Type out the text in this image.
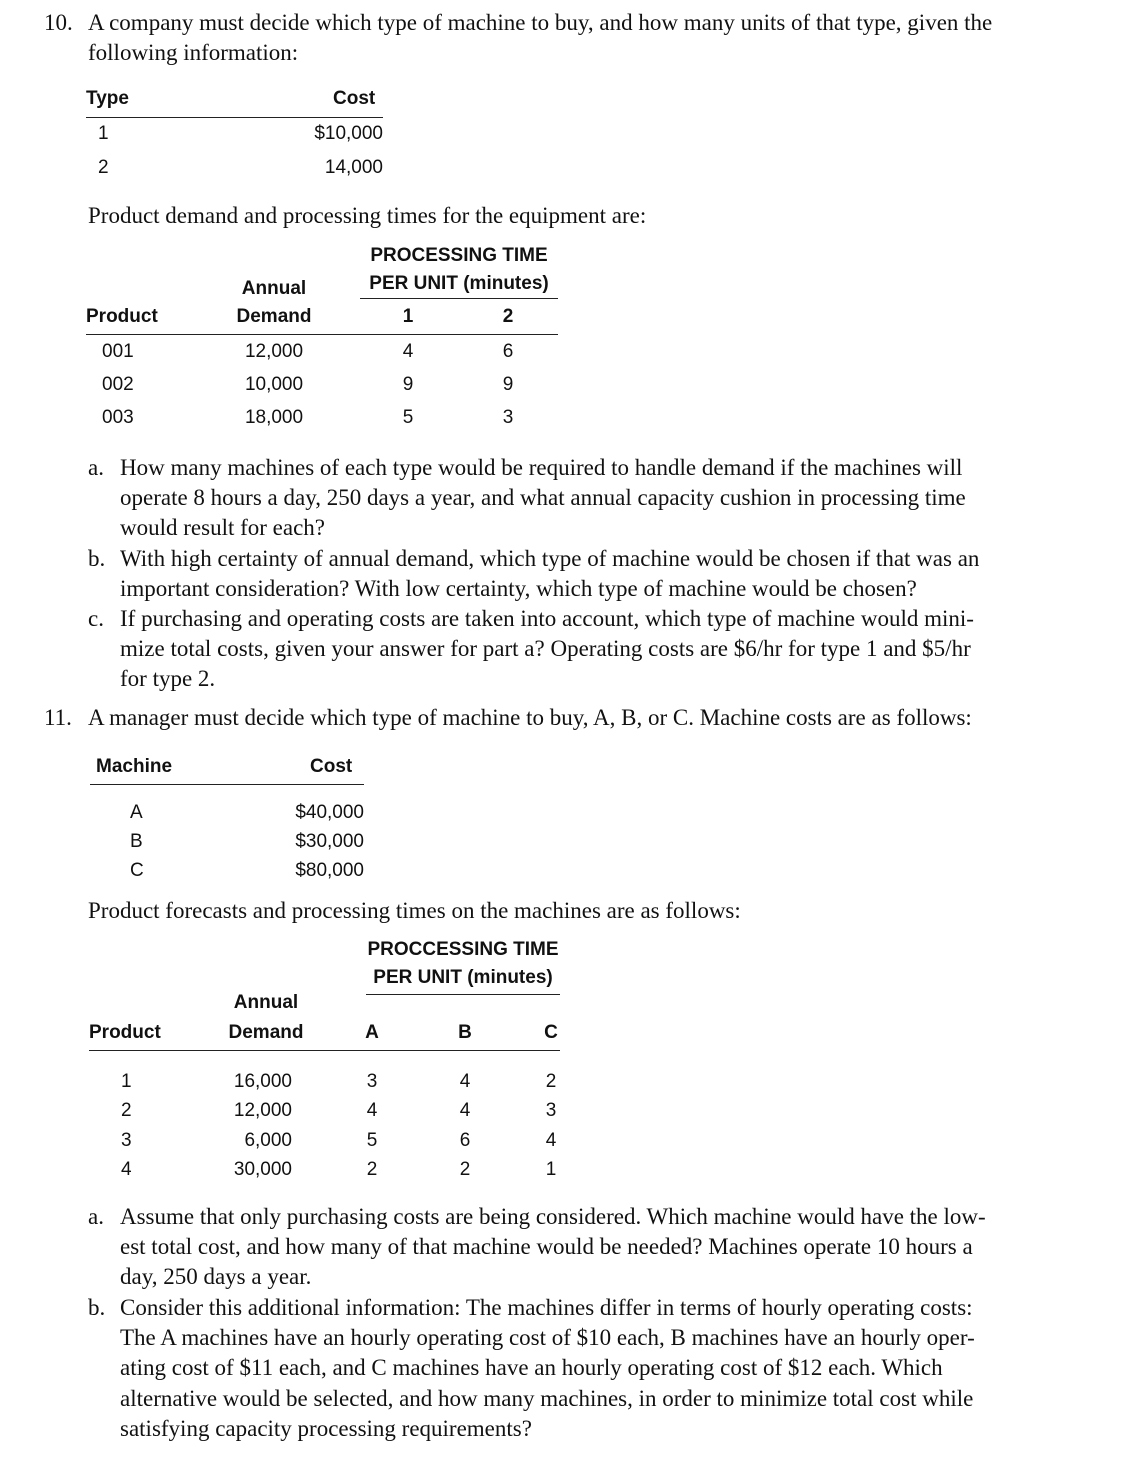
10. A company must decide which type of machine to buy, and how many units of that type, given the
following information:
Type	Cost
1	$10,000
2	14,000
Product demand and processing times for the equipment are:
PROCESSING TIME
PER UNIT (minutes)
Annual
Product	Demand	1	2
001	12,000	4	6
002	10,000	9	9
003	18,000	5	3
a. How many machines of each type would be required to handle demand if the machines will
operate 8 hours a day, 250 days a year, and what annual capacity cushion in processing time
would result for each?
b. With high certainty of annual demand, which type of machine would be chosen if that was an
important consideration? With low certainty, which type of machine would be chosen?
c. If purchasing and operating costs are taken into account, which type of machine would mini-
mize total costs, given your answer for part a? Operating costs are $6/hr for type 1 and $5/hr
for type 2.
11. A manager must decide which type of machine to buy, A, B, or C. Machine costs are as follows:
Machine	Cost
A	$40,000
B	$30,000
C	$80,000
Product forecasts and processing times on the machines are as follows:
PROCCESSING TIME
PER UNIT (minutes)
Annual
Product	Demand	A	B	C
1	16,000	3	4	2
2	12,000	4	4	3
3	6,000	5	6	4
4	30,000	2	2	1
a. Assume that only purchasing costs are being considered. Which machine would have the low-
est total cost, and how many of that machine would be needed? Machines operate 10 hours a
day, 250 days a year.
b. Consider this additional information: The machines differ in terms of hourly operating costs:
The A machines have an hourly operating cost of $10 each, B machines have an hourly oper-
ating cost of $11 each, and C machines have an hourly operating cost of $12 each. Which
alternative would be selected, and how many machines, in order to minimize total cost while
satisfying capacity processing requirements?
